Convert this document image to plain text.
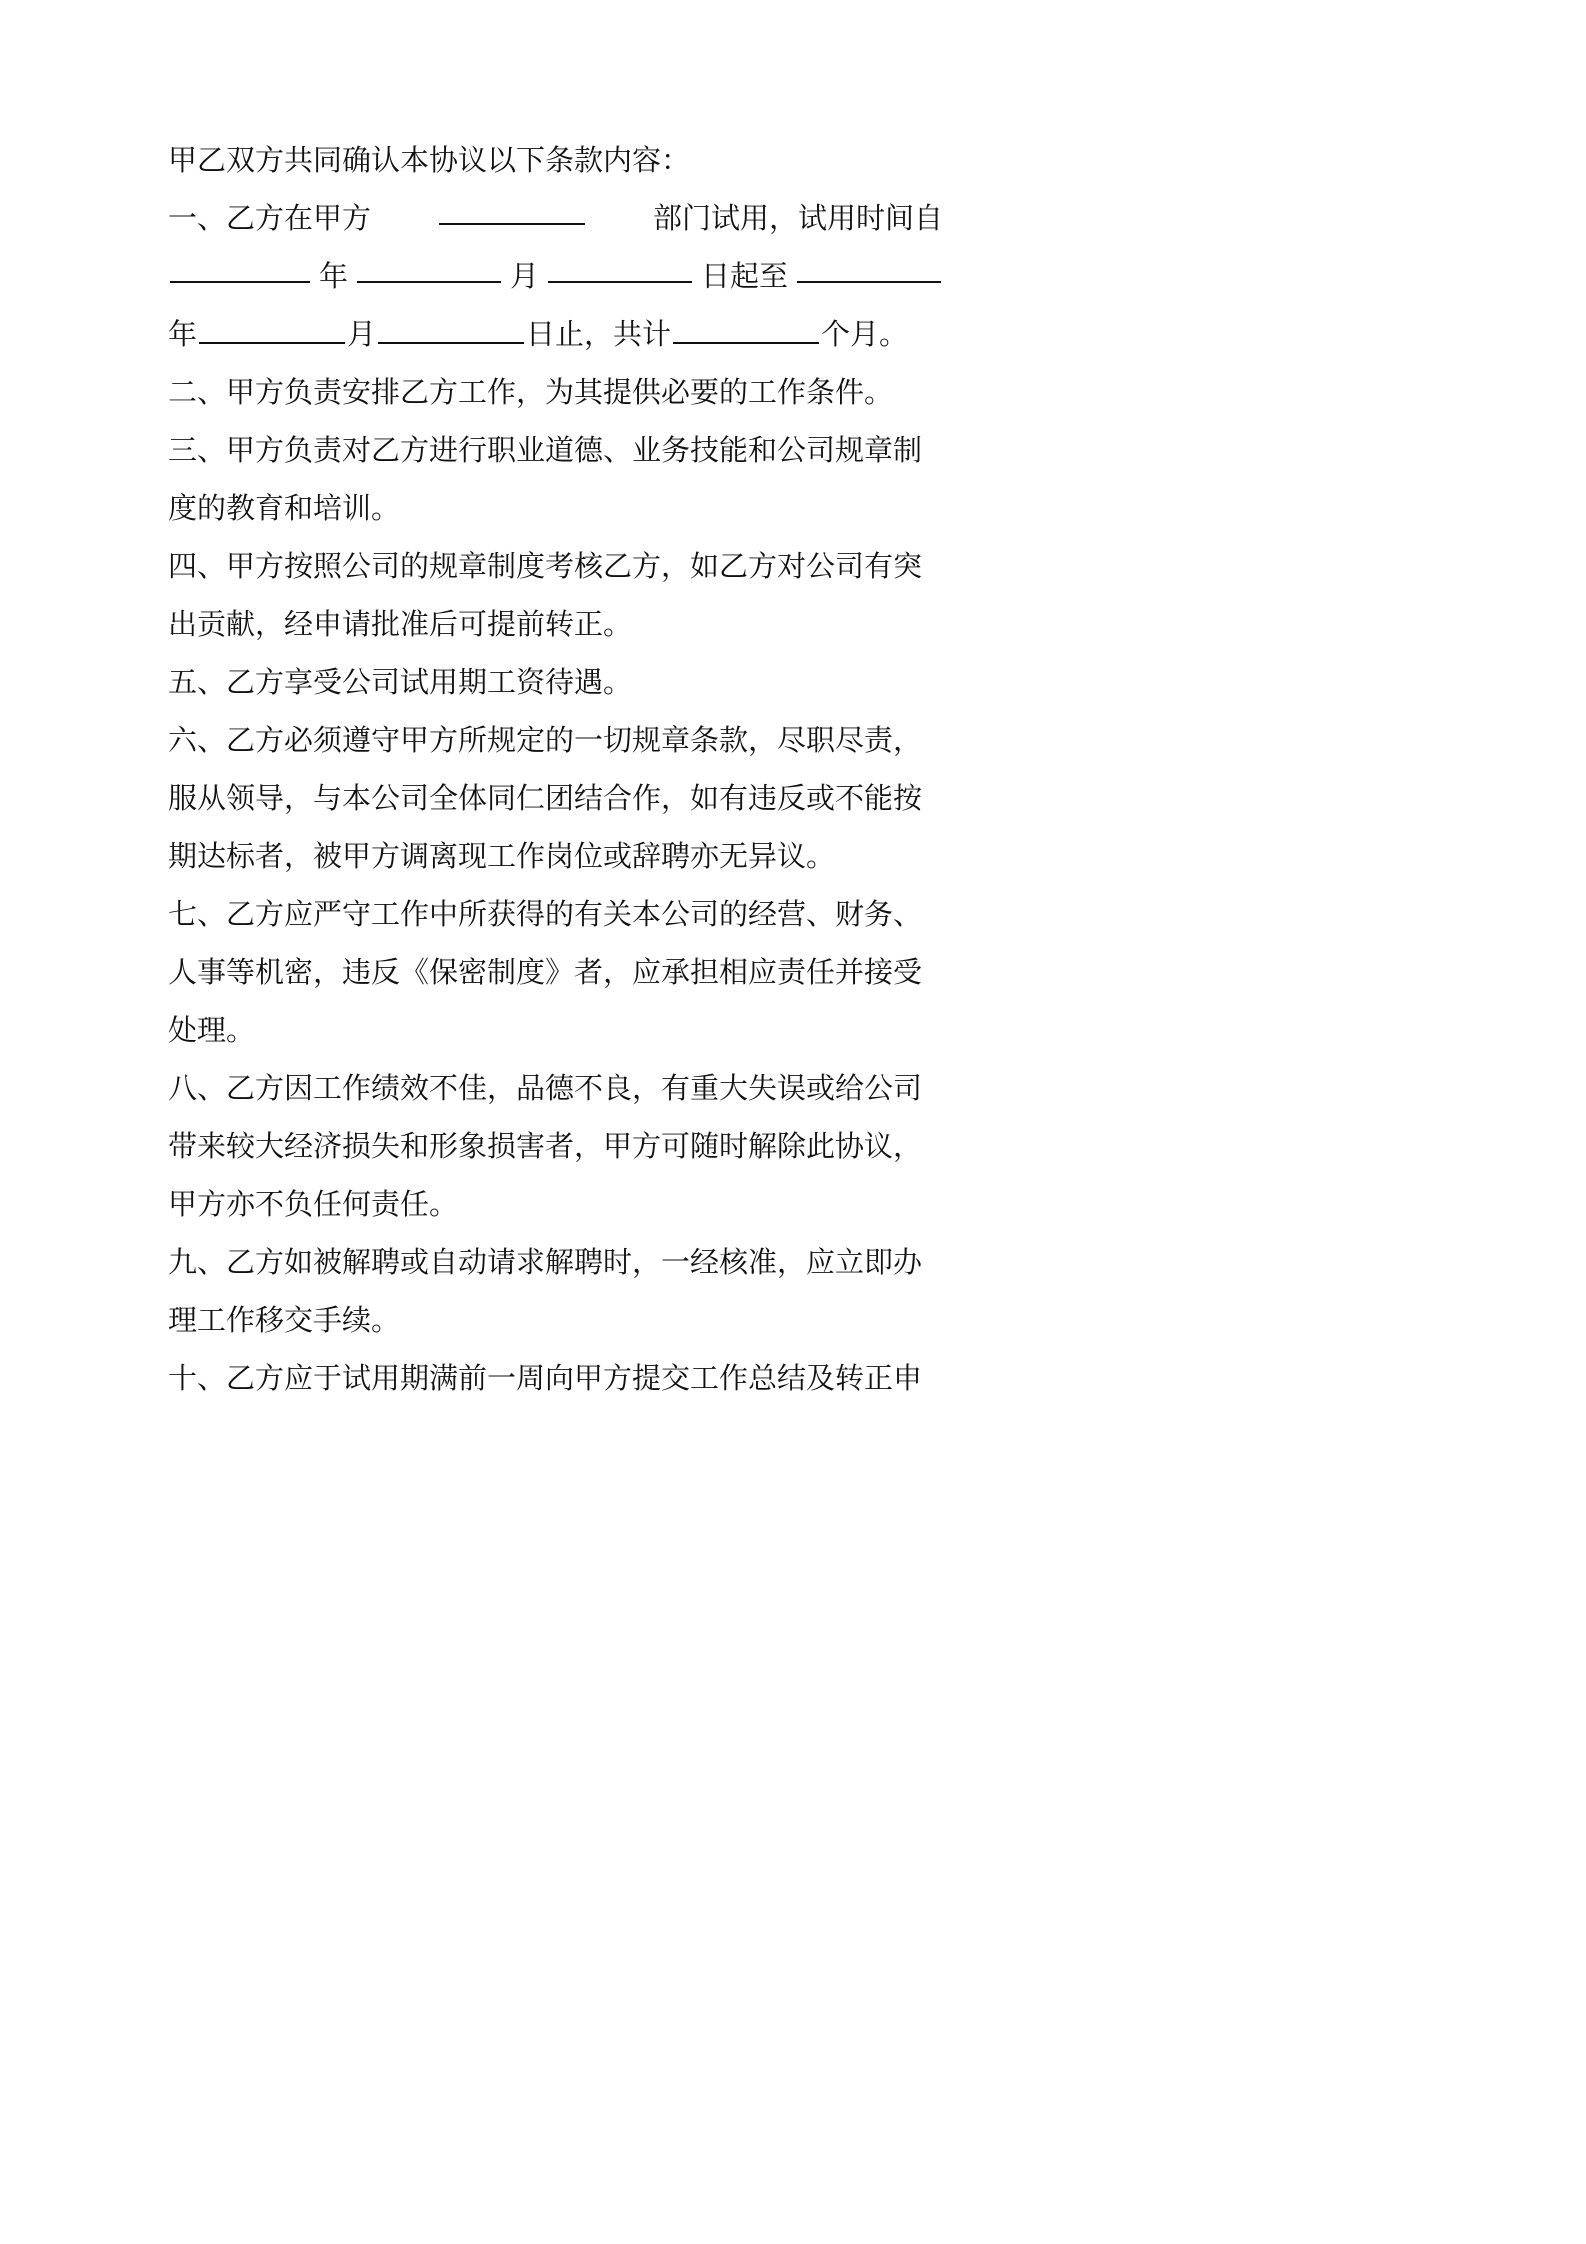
甲乙双方共同确认本协议以下条款内容：
一、乙方在甲方	部门试用，试用时间自
年	月	日起至
年	月	日止，共计	个月。
二、甲方负责安排乙方工作，为其提供必要的工作条件。
三、甲方负责对乙方进行职业道德、业务技能和公司规章制
度的教育和培训。
四、甲方按照公司的规章制度考核乙方，如乙方对公司有突
出贡献，经申请批准后可提前转正。
五、乙方享受公司试用期工资待遇。
六、乙方必须遵守甲方所规定的一切规章条款，尽职尽责，
服从领导，与本公司全体同仁团结合作，如有违反或不能按
期达标者，被甲方调离现工作岗位或辞聘亦无异议。
七、乙方应严守工作中所获得的有关本公司的经营、财务、
人事等机密，违反《保密制度》者，应承担相应责任并接受
处理。
八、乙方因工作绩效不佳，品德不良，有重大失误或给公司
带来较大经济损失和形象损害者，甲方可随时解除此协议，
甲方亦不负任何责任。
九、乙方如被解聘或自动请求解聘时，一经核准，应立即办
理工作移交手续。
十、乙方应于试用期满前一周向甲方提交工作总结及转正申
